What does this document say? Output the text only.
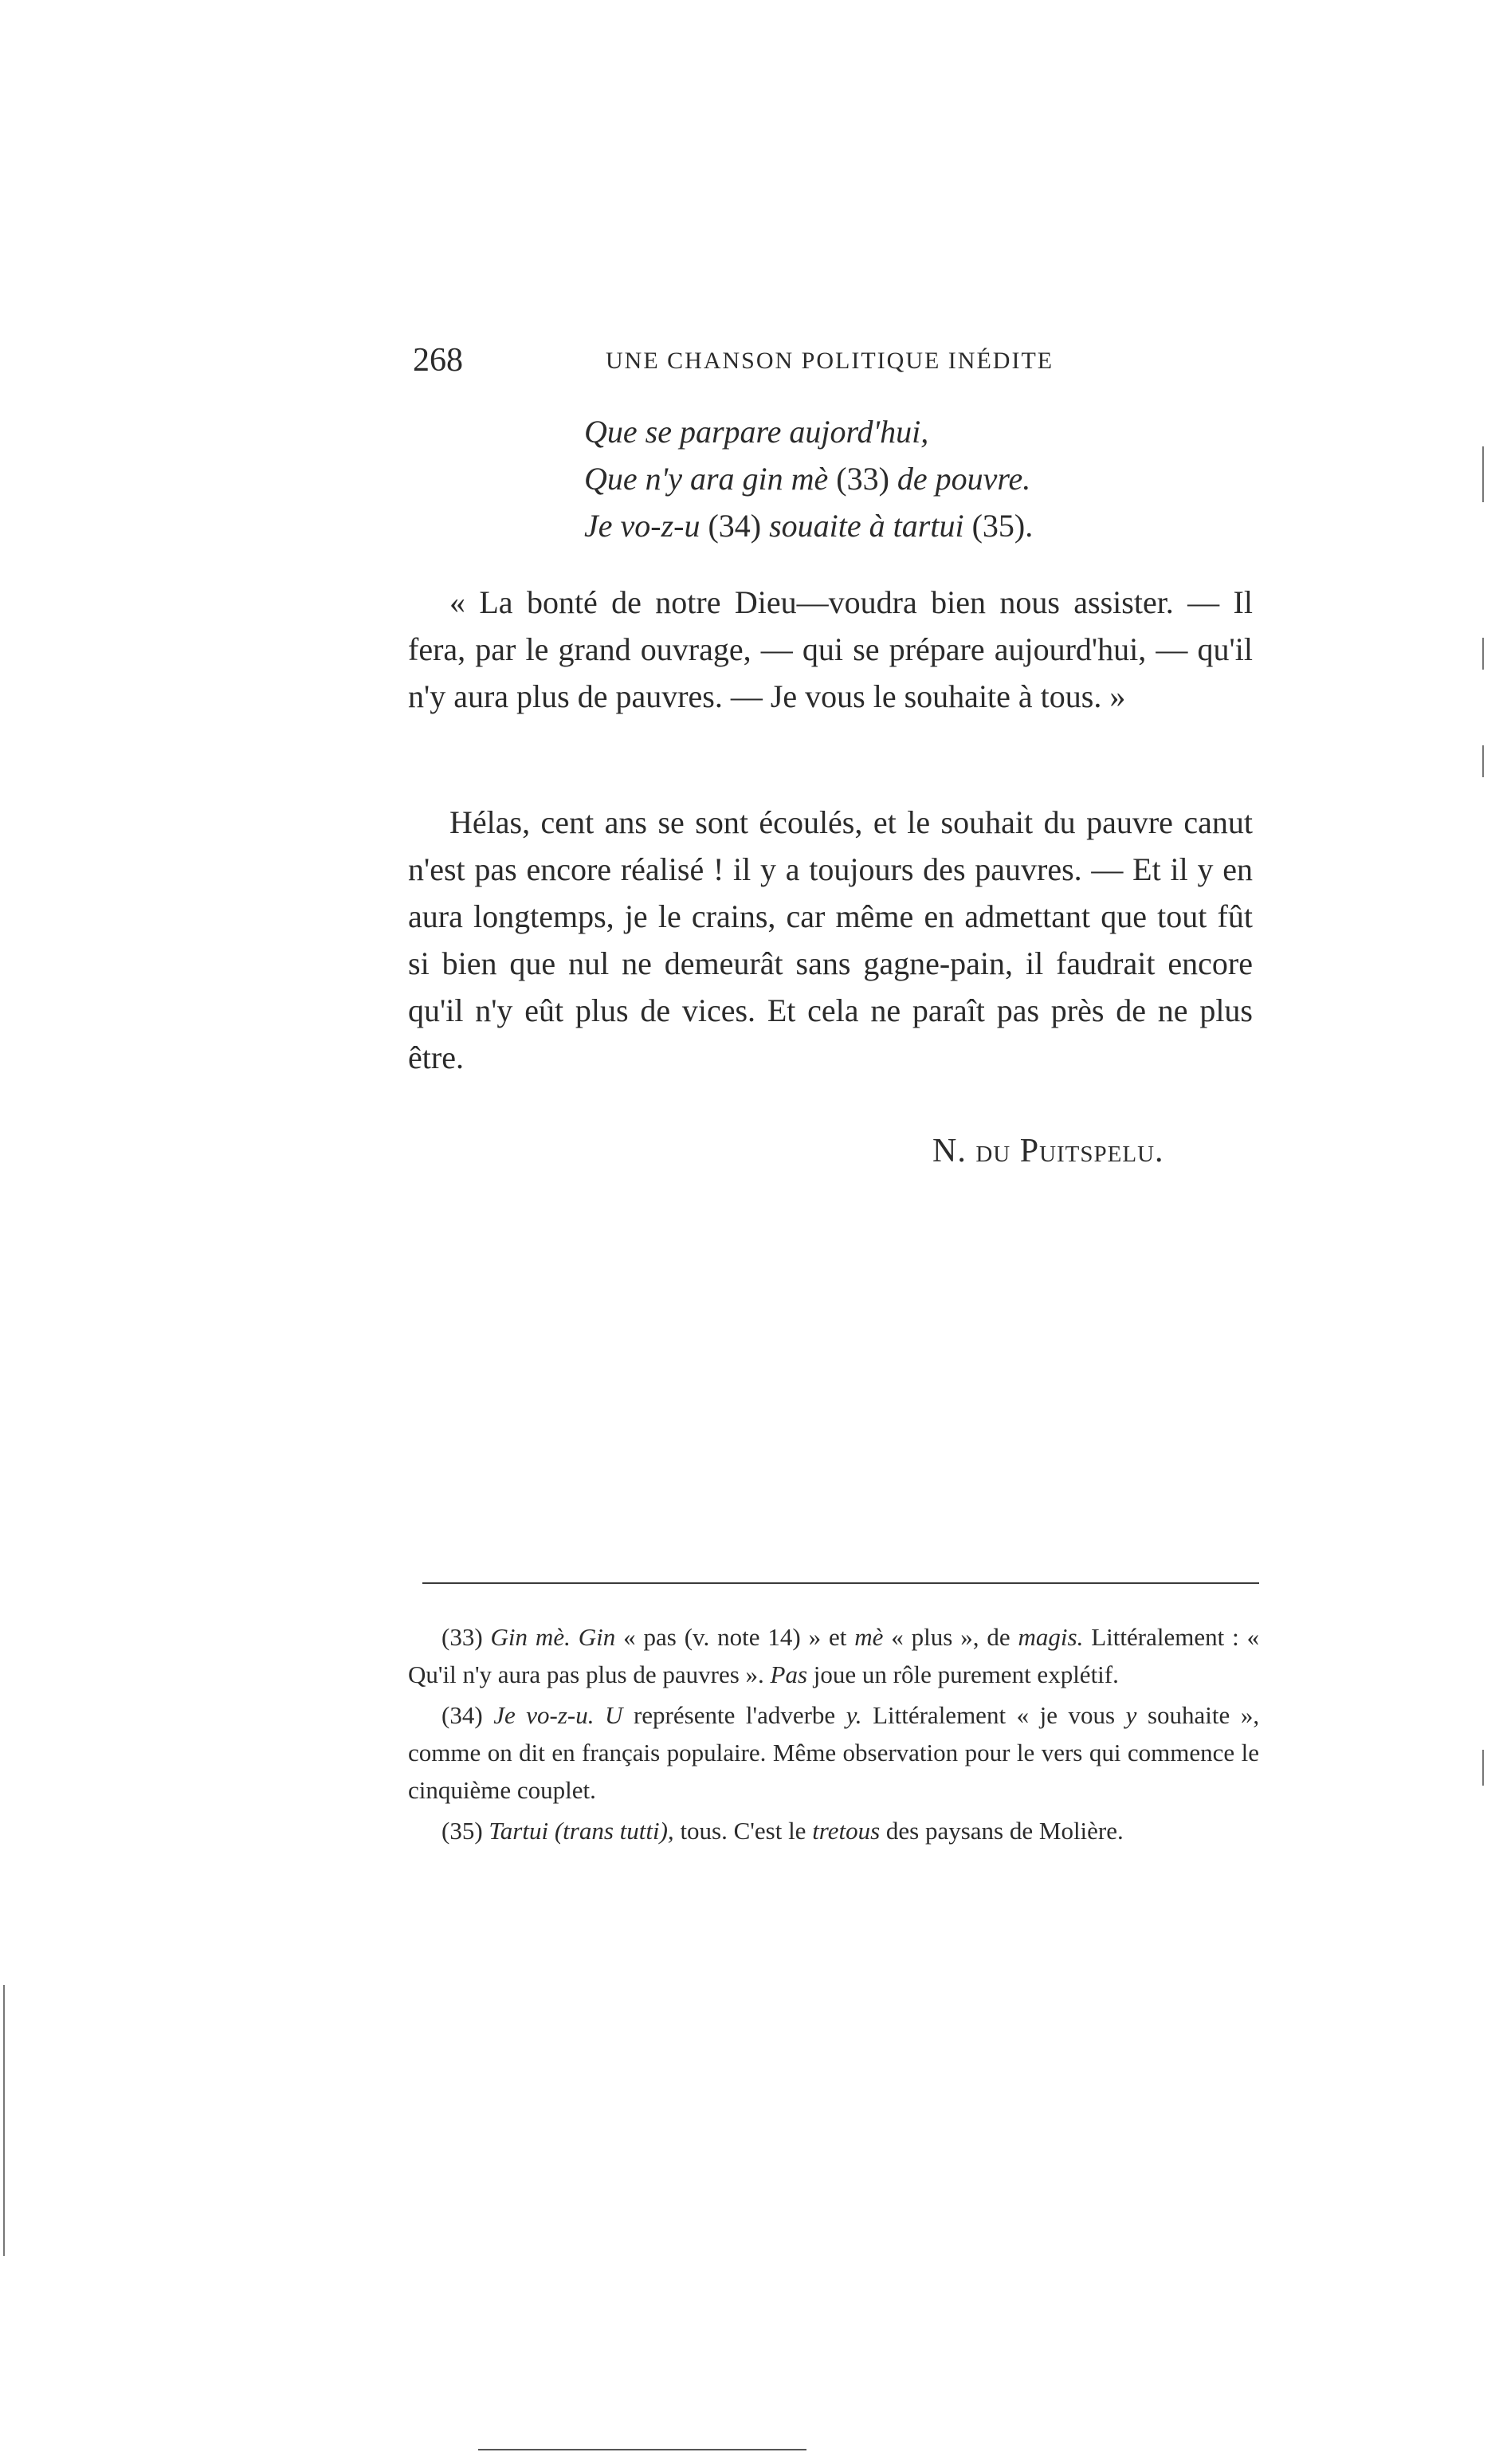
268	UNE CHANSON POLITIQUE INÉDITE
Que se parpare aujord'hui,
Que n'y ara gin mè (33) de pouvre.
Je vo-z-u (34) souaite à tartui (35).

« La bonté de notre Dieu—voudra bien nous assister. — Il fera, par le grand ouvrage, — qui se prépare aujourd'hui, — qu'il n'y aura plus de pauvres. — Je vous le souhaite à tous. »

Hélas, cent ans se sont écoulés, et le souhait du pauvre canut n'est pas encore réalisé ! il y a toujours des pauvres. — Et il y en aura longtemps, je le crains, car même en admettant que tout fût si bien que nul ne demeurât sans gagne-pain, il faudrait encore qu'il n'y eût plus de vices. Et cela ne paraît pas près de ne plus être.

N. du Puitspelu.

(33) Gin mè. Gin « pas (v. note 14) » et mè « plus », de magis. Littéralement : « Qu'il n'y aura pas plus de pauvres ». Pas joue un rôle purement explétif.

(34) Je vo-z-u. U représente l'adverbe y. Littéralement « je vous y souhaite », comme on dit en français populaire. Même observation pour le vers qui commence le cinquième couplet.

(35) Tartui (trans tutti), tous. C'est le tretous des paysans de Molière.
